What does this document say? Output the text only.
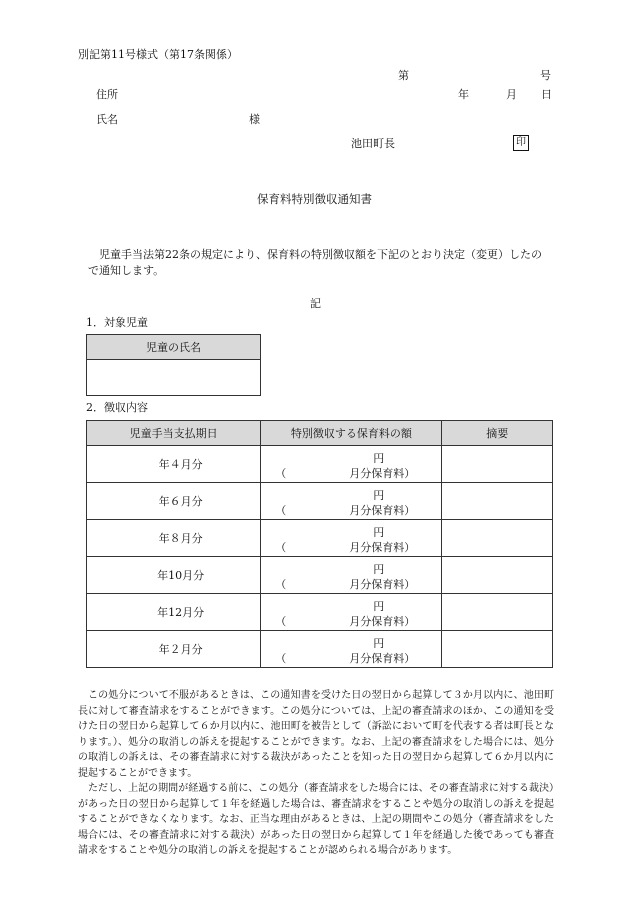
別記第11号様式（第17条関係）
第	号
住所	年	月 日
氏名	様
池田町長	印
保育料特別徴収通知書
児童手当法第22条の規定により、保育料の特別徴収額を下記のとおり決定（変更）したので通知します。
記
1．対象児童
児童の氏名

2．徴収内容
児童手当支払期日	特別徴収する保育料の額	摘要
年４月分	円
（ 月分保育料）	

年６月分	円
（ 月分保育料）	

年８月分	円
（ 月分保育料）	

年10月分	円
（ 月分保育料）	

年12月分	円
（ 月分保育料）	

年２月分	円
（ 月分保育料）	

この処分について不服があるときは、この通知書を受けた日の翌日から起算して３か月以内に、池田町長に対して審査請求をすることができます。この処分については、上記の審査請求のほか、この通知を受けた日の翌日から起算して６か月以内に、池田町を被告として（訴訟において町を代表する者は町長となります。）、処分の取消しの訴えを提起することができます。なお、上記の審査請求をした場合には、処分の取消しの訴えは、その審査請求に対する裁決があったことを知った日の翌日から起算して６か月以内に提起することができます。

ただし、上記の期間が経過する前に、この処分（審査請求をした場合には、その審査請求に対する裁決）があった日の翌日から起算して１年を経過した場合は、審査請求をすることや処分の取消しの訴えを提起することができなくなります。なお、正当な理由があるときは、上記の期間やこの処分（審査請求をした場合には、その審査請求に対する裁決）があった日の翌日から起算して１年を経過した後であっても審査請求をすることや処分の取消しの訴えを提起することが認められる場合があります。
